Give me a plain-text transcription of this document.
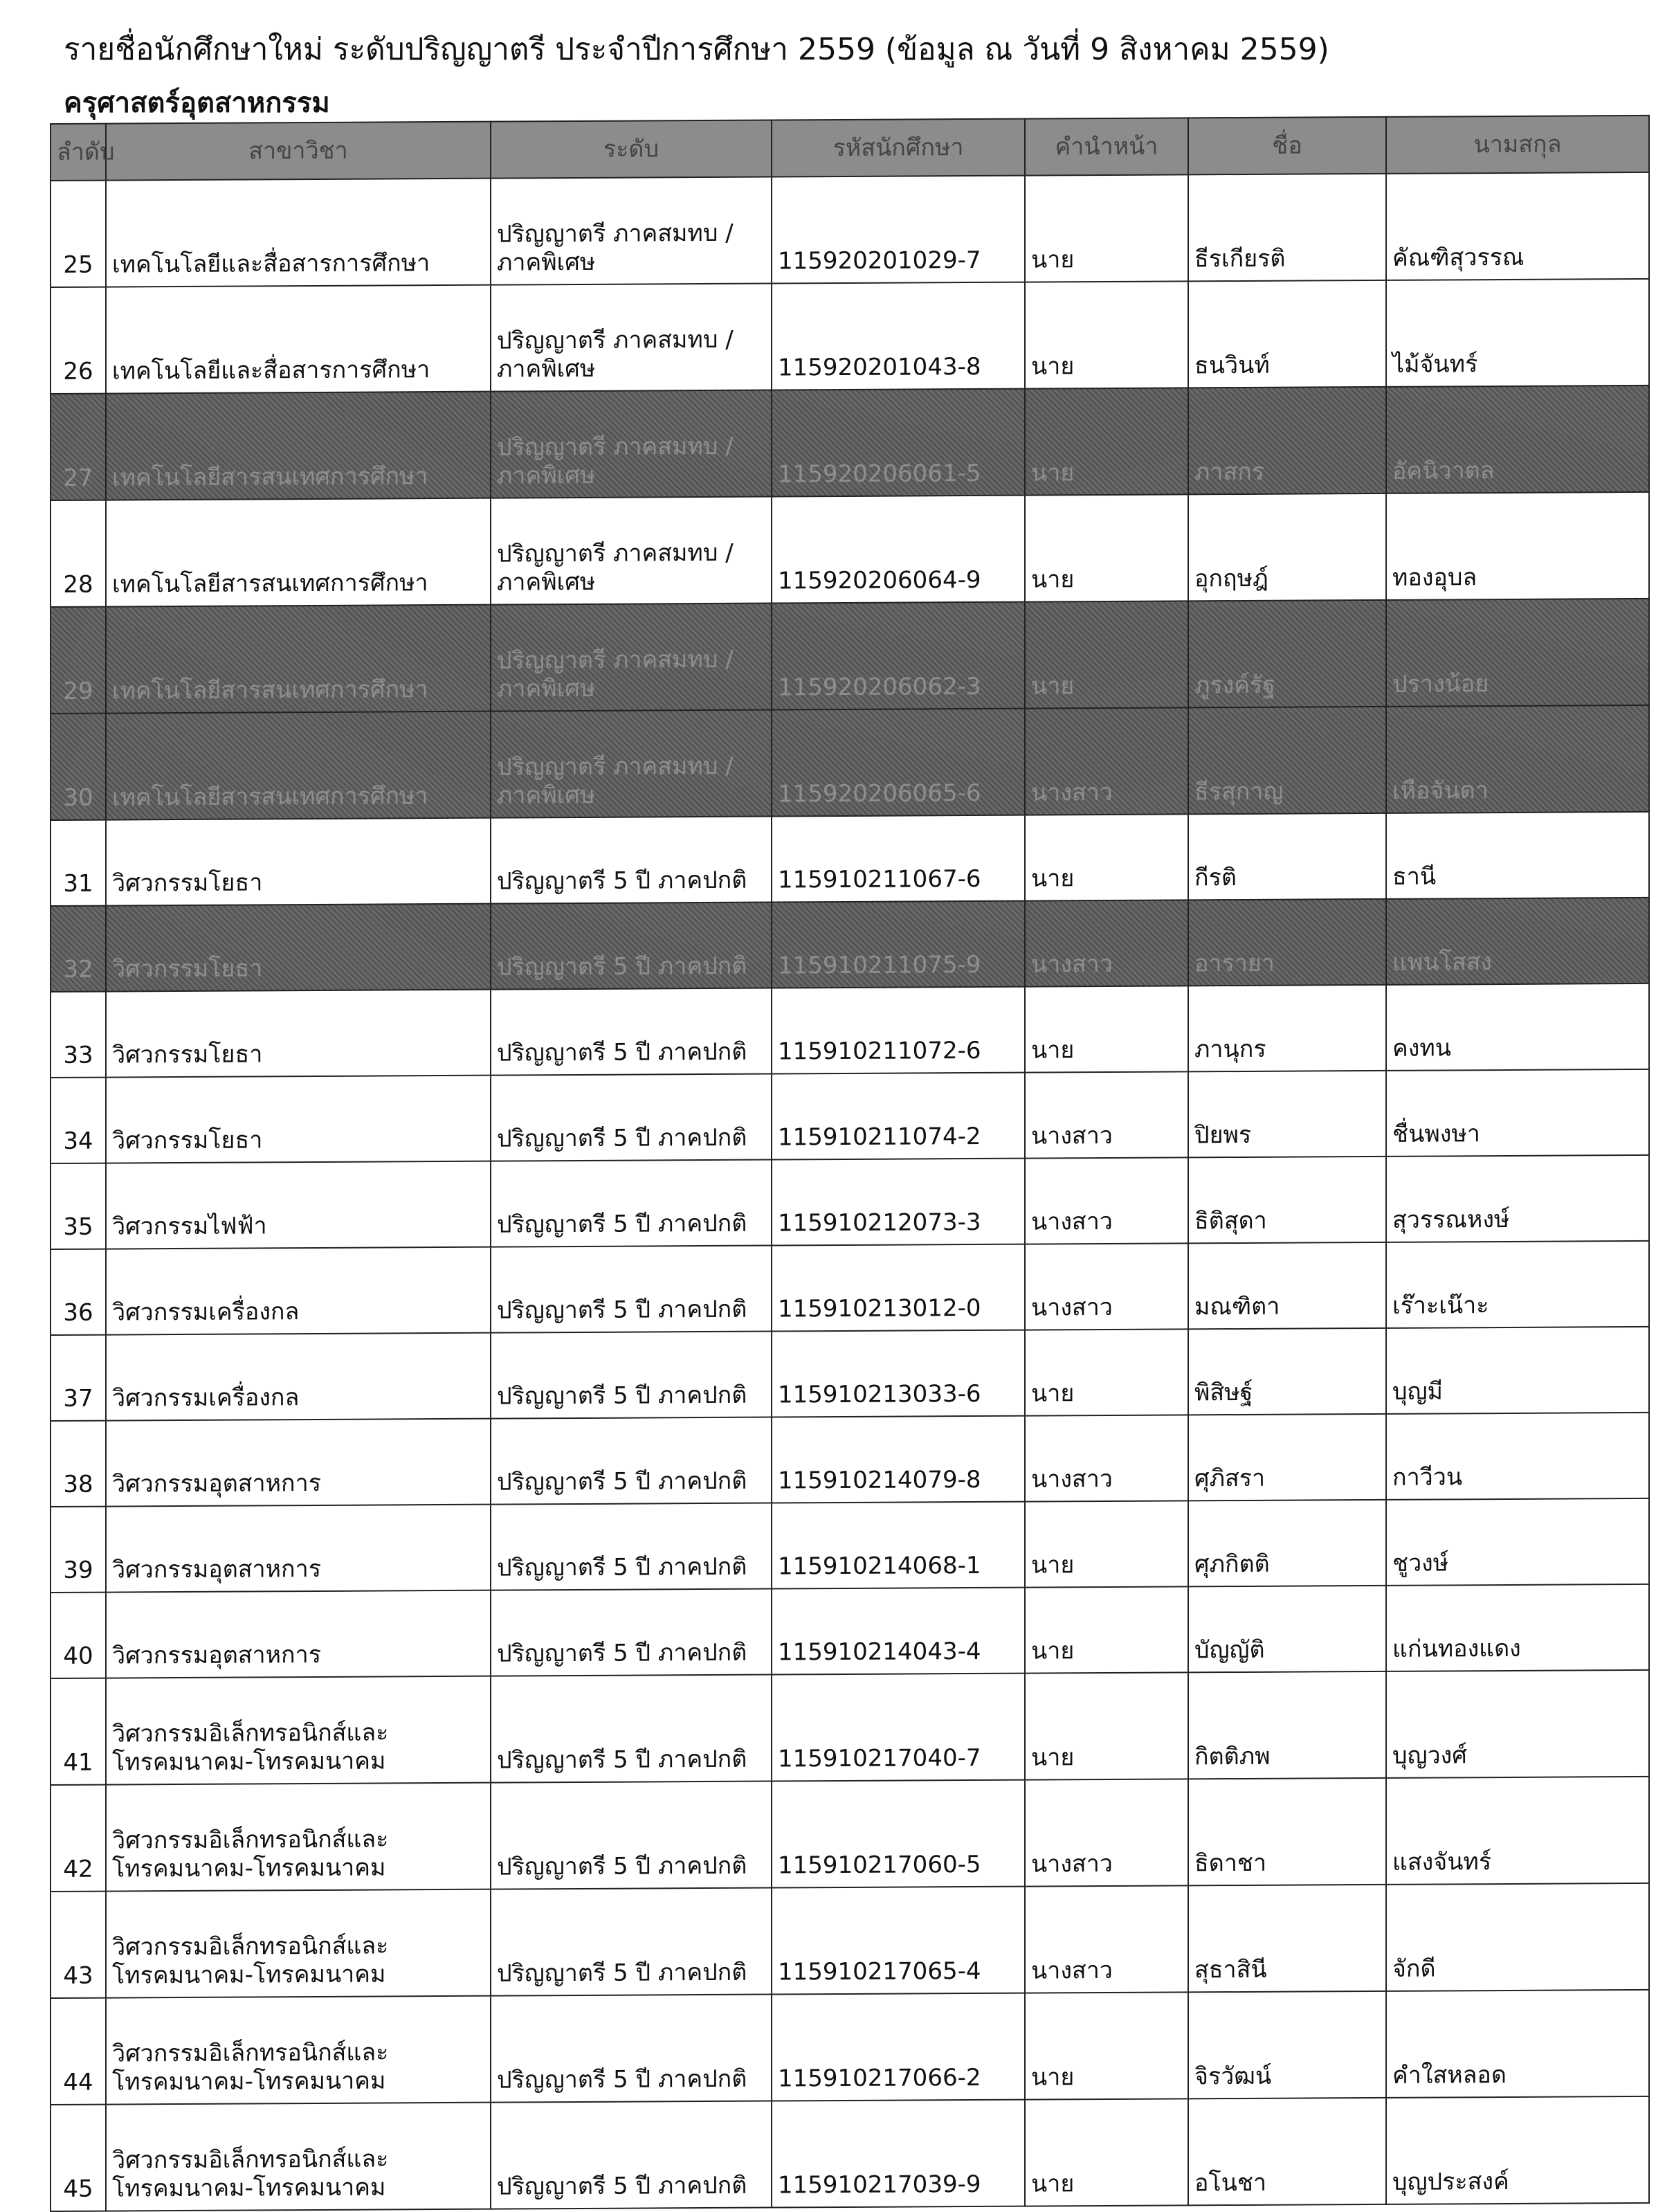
รายชื่อนักศึกษาใหม่ ระดับปริญญาตรี ประจำปีการศึกษา 2559 (ข้อมูล ณ วันที่ 9 สิงหาคม 2559)
ครุศาสตร์อุตสาหกรรม
ลำดับ	สาขาวิชา	ระดับ	รหัสนักศึกษา	คำนำหน้า	ชื่อ	นามสกุล
25	เทคโนโลยีและสื่อสารการศึกษา	ปริญญาตรี ภาคสมทบ /
ภาคพิเศษ	115920201029-7	นาย	ธีรเกียรติ	คัณฑิสุวรรณ
26	เทคโนโลยีและสื่อสารการศึกษา	ปริญญาตรี ภาคสมทบ /
ภาคพิเศษ	115920201043-8	นาย	ธนวินท์	ไม้จันทร์
27	เทคโนโลยีสารสนเทศการศึกษา	ปริญญาตรี ภาคสมทบ /
ภาคพิเศษ	115920206061-5	นาย	ภาสกร	อัคนิวาตล
28	เทคโนโลยีสารสนเทศการศึกษา	ปริญญาตรี ภาคสมทบ /
ภาคพิเศษ	115920206064-9	นาย	อุกฤษฎ์	ทองอุบล
29	เทคโนโลยีสารสนเทศการศึกษา	ปริญญาตรี ภาคสมทบ /
ภาคพิเศษ	115920206062-3	นาย	ภูรงค์รัฐ	ปรางน้อย
30	เทคโนโลยีสารสนเทศการศึกษา	ปริญญาตรี ภาคสมทบ /
ภาคพิเศษ	115920206065-6	นางสาว	ธีรสุกาญ	เหือจันดา
31	วิศวกรรมโยธา	ปริญญาตรี 5 ปี ภาคปกติ	115910211067-6	นาย	กีรติ	ธานี
32	วิศวกรรมโยธา	ปริญญาตรี 5 ปี ภาคปกติ	115910211075-9	นางสาว	อารายา	แพนโสสง
33	วิศวกรรมโยธา	ปริญญาตรี 5 ปี ภาคปกติ	115910211072-6	นาย	ภานุกร	คงทน
34	วิศวกรรมโยธา	ปริญญาตรี 5 ปี ภาคปกติ	115910211074-2	นางสาว	ปิยพร	ชื่นพงษา
35	วิศวกรรมไฟฟ้า	ปริญญาตรี 5 ปี ภาคปกติ	115910212073-3	นางสาว	ธิติสุดา	สุวรรณหงษ์
36	วิศวกรรมเครื่องกล	ปริญญาตรี 5 ปี ภาคปกติ	115910213012-0	นางสาว	มณฑิตา	เร๊าะเน๊าะ
37	วิศวกรรมเครื่องกล	ปริญญาตรี 5 ปี ภาคปกติ	115910213033-6	นาย	พิสิษฐ์	บุญมี
38	วิศวกรรมอุตสาหการ	ปริญญาตรี 5 ปี ภาคปกติ	115910214079-8	นางสาว	ศุภิสรา	กาวีวน
39	วิศวกรรมอุตสาหการ	ปริญญาตรี 5 ปี ภาคปกติ	115910214068-1	นาย	ศุภกิตติ	ชูวงษ์
40	วิศวกรรมอุตสาหการ	ปริญญาตรี 5 ปี ภาคปกติ	115910214043-4	นาย	บัญญัติ	แก่นทองแดง
41	วิศวกรรมอิเล็กทรอนิกส์และ
โทรคมนาคม-โทรคมนาคม	ปริญญาตรี 5 ปี ภาคปกติ	115910217040-7	นาย	กิตติภพ	บุญวงศ์
42	วิศวกรรมอิเล็กทรอนิกส์และ
โทรคมนาคม-โทรคมนาคม	ปริญญาตรี 5 ปี ภาคปกติ	115910217060-5	นางสาว	ธิดาชา	แสงจันทร์
43	วิศวกรรมอิเล็กทรอนิกส์และ
โทรคมนาคม-โทรคมนาคม	ปริญญาตรี 5 ปี ภาคปกติ	115910217065-4	นางสาว	สุธาสินี	จักดี
44	วิศวกรรมอิเล็กทรอนิกส์และ
โทรคมนาคม-โทรคมนาคม	ปริญญาตรี 5 ปี ภาคปกติ	115910217066-2	นาย	จิรวัฒน์	คำใสหลอด
45	วิศวกรรมอิเล็กทรอนิกส์และ
โทรคมนาคม-โทรคมนาคม	ปริญญาตรี 5 ปี ภาคปกติ	115910217039-9	นาย	อโนชา	บุญประสงค์
